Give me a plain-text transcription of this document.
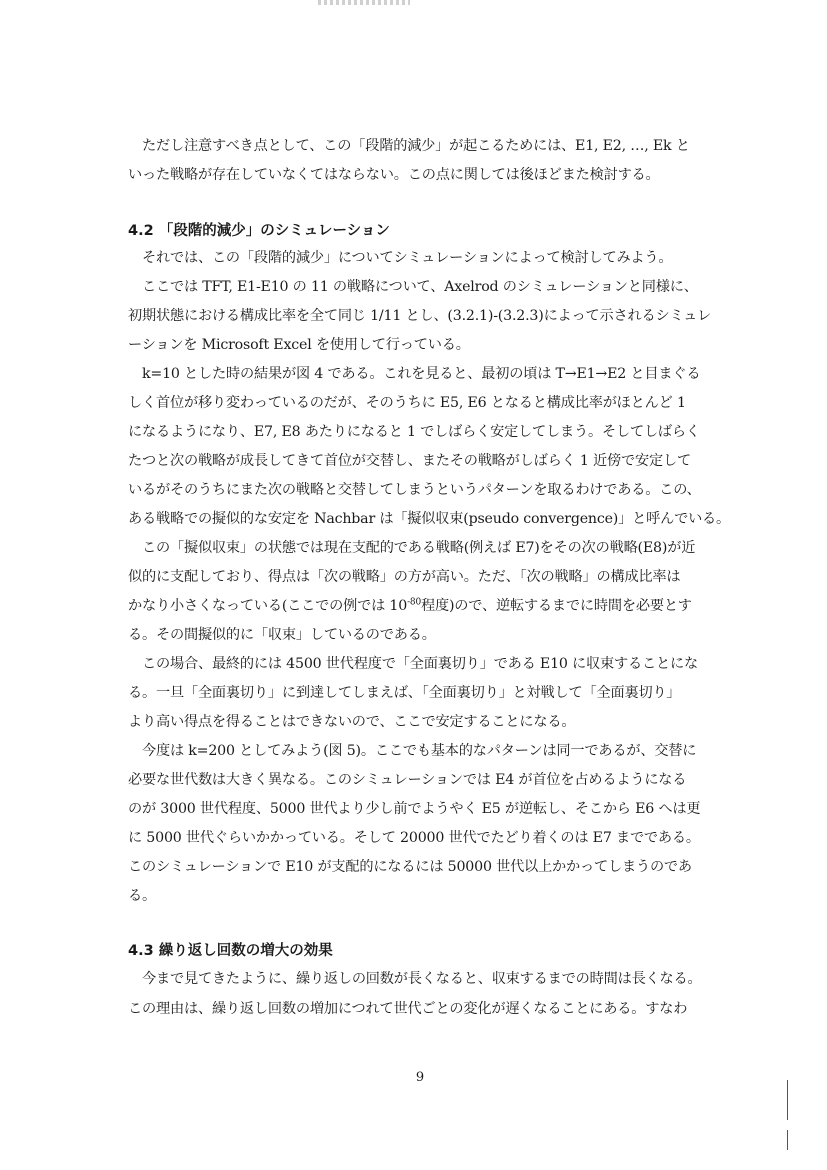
ただし注意すべき点として、この「段階的減少」が起こるためには、E1, E2, …, Ek と
いった戦略が存在していなくてはならない。この点に関しては後ほどまた検討する。
4.2 「段階的減少」のシミュレーション
それでは、この「段階的減少」についてシミュレーションによって検討してみよう。
ここでは TFT, E1-E10 の 11 の戦略について、Axelrod のシミュレーションと同様に、
初期状態における構成比率を全て同じ 1/11 とし、(3.2.1)-(3.2.3)によって示されるシミュレ
ーションを Microsoft Excel を使用して行っている。
k=10 とした時の結果が図 4 である。これを見ると、最初の頃は T→E1→E2 と目まぐる
しく首位が移り変わっているのだが、そのうちに E5, E6 となると構成比率がほとんど 1
になるようになり、E7, E8 あたりになると 1 でしばらく安定してしまう。そしてしばらく
たつと次の戦略が成長してきて首位が交替し、またその戦略がしばらく 1 近傍で安定して
いるがそのうちにまた次の戦略と交替してしまうというパターンを取るわけである。この、
ある戦略での擬似的な安定を Nachbar は「擬似収束(pseudo convergence)」と呼んでいる。
この「擬似収束」の状態では現在支配的である戦略(例えば E7)をその次の戦略(E8)が近
似的に支配しており、得点は「次の戦略」の方が高い。ただ、「次の戦略」の構成比率は
かなり小さくなっている(ここでの例では $10^{-80}$程度)ので、逆転するまでに時間を必要とす
る。その間擬似的に「収束」しているのである。
この場合、最終的には 4500 世代程度で「全面裏切り」である E10 に収束することにな
る。一旦「全面裏切り」に到達してしまえば、「全面裏切り」と対戦して「全面裏切り」
より高い得点を得ることはできないので、ここで安定することになる。
今度は k=200 としてみよう(図 5)。ここでも基本的なパターンは同一であるが、交替に
必要な世代数は大きく異なる。このシミュレーションでは E4 が首位を占めるようになる
のが 3000 世代程度、5000 世代より少し前でようやく E5 が逆転し、そこから E6 へは更
に 5000 世代ぐらいかかっている。そして 20000 世代でたどり着くのは E7 までである。
このシミュレーションで E10 が支配的になるには 50000 世代以上かかってしまうのであ
る。
4.3 繰り返し回数の増大の効果
今まで見てきたように、繰り返しの回数が長くなると、収束するまでの時間は長くなる。
この理由は、繰り返し回数の増加につれて世代ごとの変化が遅くなることにある。すなわ
9
